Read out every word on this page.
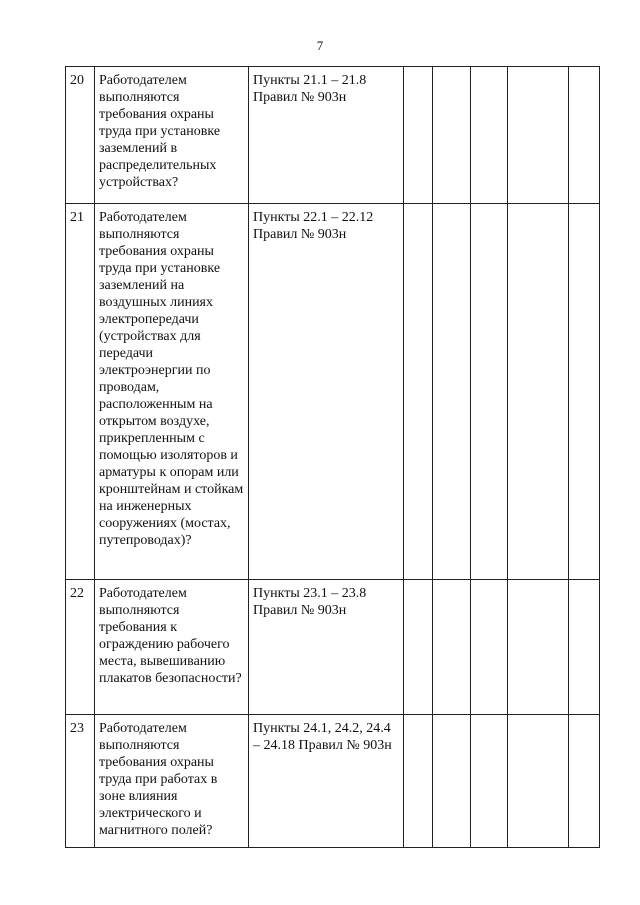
7
20	Работодателем выполняются требования охраны труда при установке заземлений в распределительных устройствах?	Пункты 21.1 – 21.8 Правил № 903н					
21	Работодателем выполняются требования охраны труда при установке заземлений на воздушных линиях электропередачи (устройствах для передачи электроэнергии по проводам, расположенным на открытом воздухе, прикрепленным с помощью изоляторов и арматуры к опорам или кронштейнам и стойкам на инженерных сооружениях (мостах, путепроводах)?	Пункты 22.1 – 22.12 Правил № 903н					
22	Работодателем выполняются требования к ограждению рабочего места, вывешиванию плакатов безопасности?	Пункты 23.1 – 23.8 Правил № 903н					
23	Работодателем выполняются требования охраны труда при работах в зоне влияния электрического и магнитного полей?	Пункты 24.1, 24.2, 24.4 – 24.18 Правил № 903н					
